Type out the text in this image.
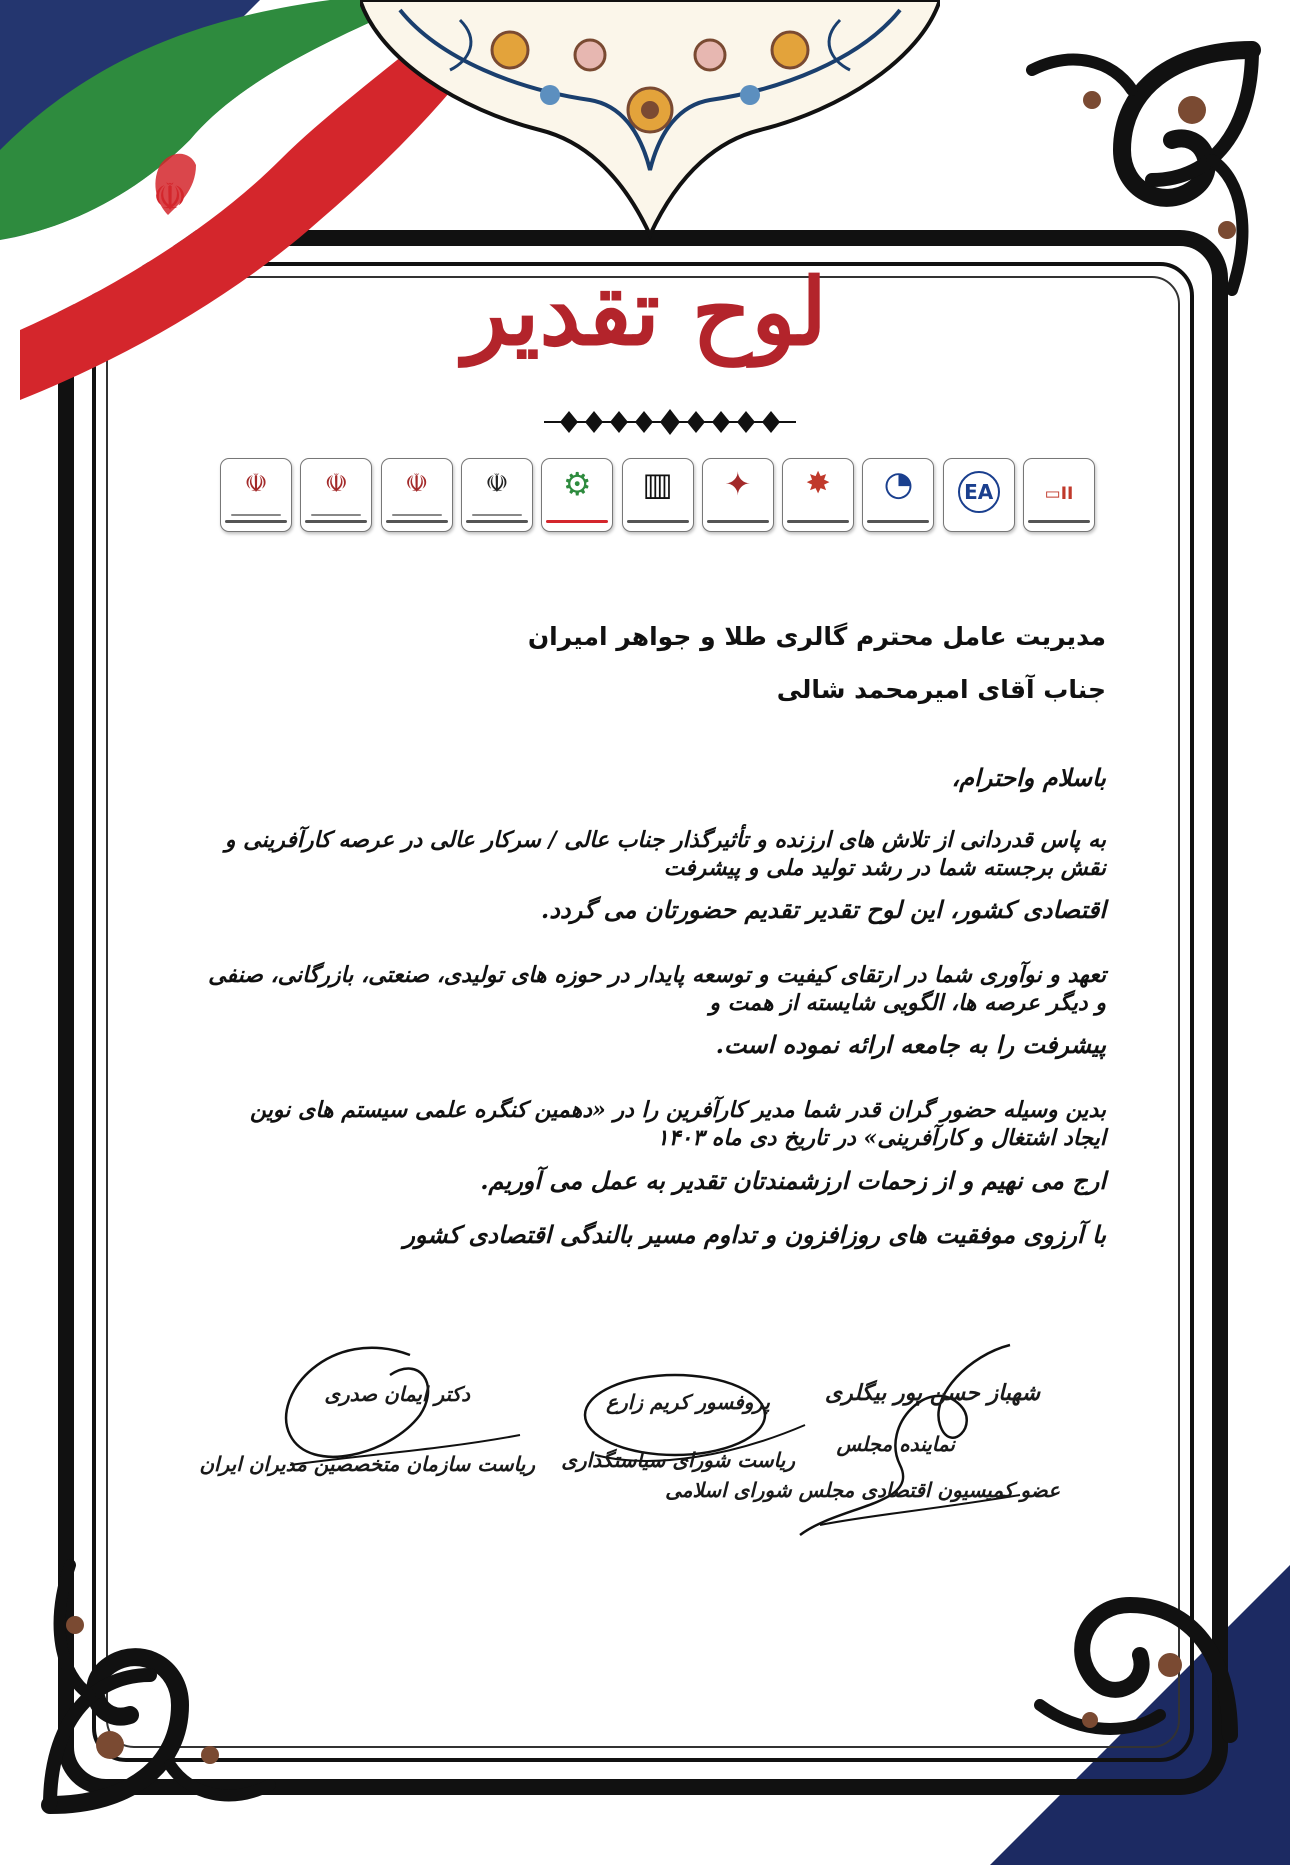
☫
لوح تقدیر
☫	☫	☫	☫	⚙	▥	✦	✸	◔	EA	II▭
مدیریت عامل محترم گالری طلا و جواهر امیران
جناب آقای امیرمحمد شالی
باسلام واحترام،
به پاس قدردانی از تلاش های ارزنده و تأثیرگذار جناب عالی / سرکار عالی در عرصه کارآفرینی و نقش برجسته شما در رشد تولید ملی و پیشرفت
اقتصادی کشور، این لوح تقدیر تقدیم حضورتان می گردد.
تعهد و نوآوری شما در ارتقای کیفیت و توسعه پایدار در حوزه های تولیدی، صنعتی، بازرگانی، صنفی و دیگر عرصه ها، الگویی شایسته از همت و
پیشرفت را به جامعه ارائه نموده است.
بدین وسیله حضور گران قدر شما مدیر کارآفرین را در «دهمین کنگره علمی سیستم های نوین ایجاد اشتغال و کارآفرینی» در تاریخ دی ماه ۱۴۰۳
ارج می نهیم و از زحمات ارزشمندتان تقدیر به عمل می آوریم.
با آرزوی موفقیت های روزافزون و تداوم مسیر بالندگی اقتصادی کشور
شهباز حسن پور بیگلری
نماینده مجلس
عضو کمیسیون اقتصادی مجلس شورای اسلامی
پروفسور کریم زارع
ریاست شورای سیاستگذاری
دکتر ایمان صدری
ریاست سازمان متخصصین مدیران ایران
